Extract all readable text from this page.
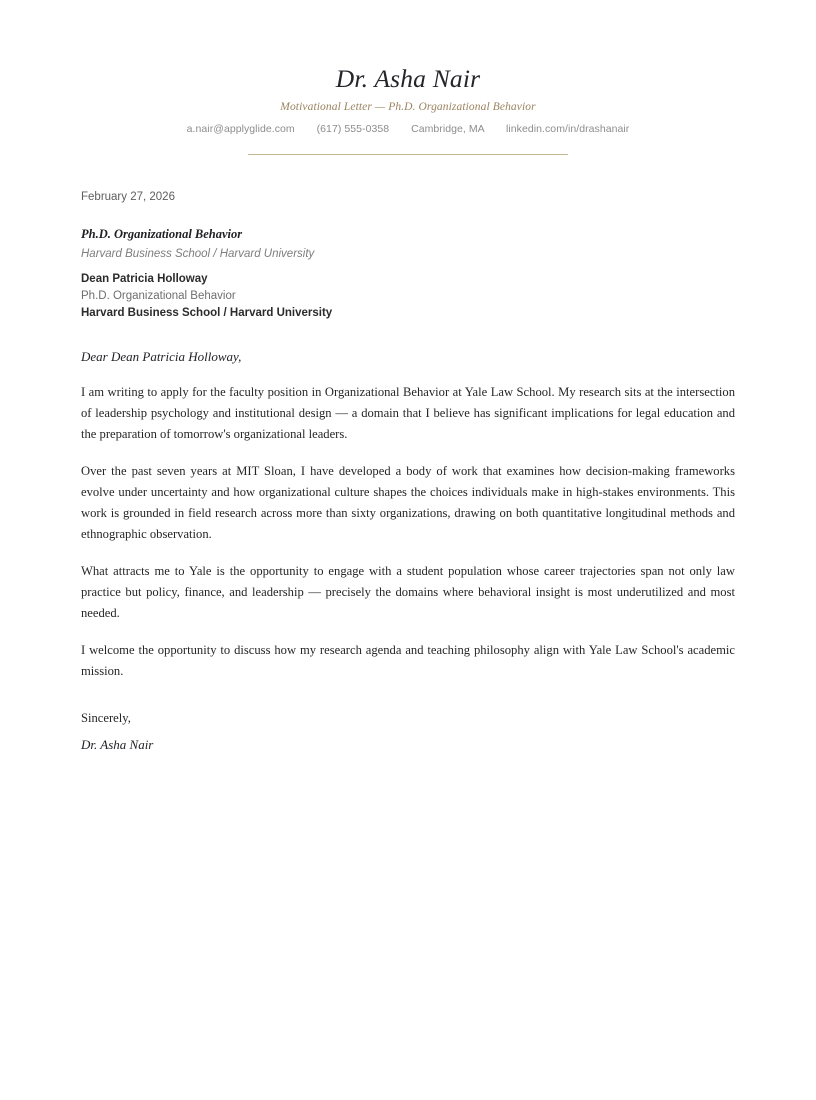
Dr. Asha Nair
Motivational Letter — Ph.D. Organizational Behavior
a.nair@applyglide.com (617) 555-0358 Cambridge, MA linkedin.com/in/drashanair
February 27, 2026
Ph.D. Organizational Behavior
Harvard Business School / Harvard University
Dean Patricia Holloway
Ph.D. Organizational Behavior
Harvard Business School / Harvard University
Dear Dean Patricia Holloway,

I am writing to apply for the faculty position in Organizational Behavior at Yale Law School. My research sits at the intersection of leadership psychology and institutional design — a domain that I believe has significant implications for legal education and the preparation of tomorrow's organizational leaders.

Over the past seven years at MIT Sloan, I have developed a body of work that examines how decision-making frameworks evolve under uncertainty and how organizational culture shapes the choices individuals make in high-stakes environments. This work is grounded in field research across more than sixty organizations, drawing on both quantitative longitudinal methods and ethnographic observation.

What attracts me to Yale is the opportunity to engage with a student population whose career trajectories span not only law practice but policy, finance, and leadership — precisely the domains where behavioral insight is most underutilized and most needed.

I welcome the opportunity to discuss how my research agenda and teaching philosophy align with Yale Law School's academic mission.

Sincerely,
Dr. Asha Nair
